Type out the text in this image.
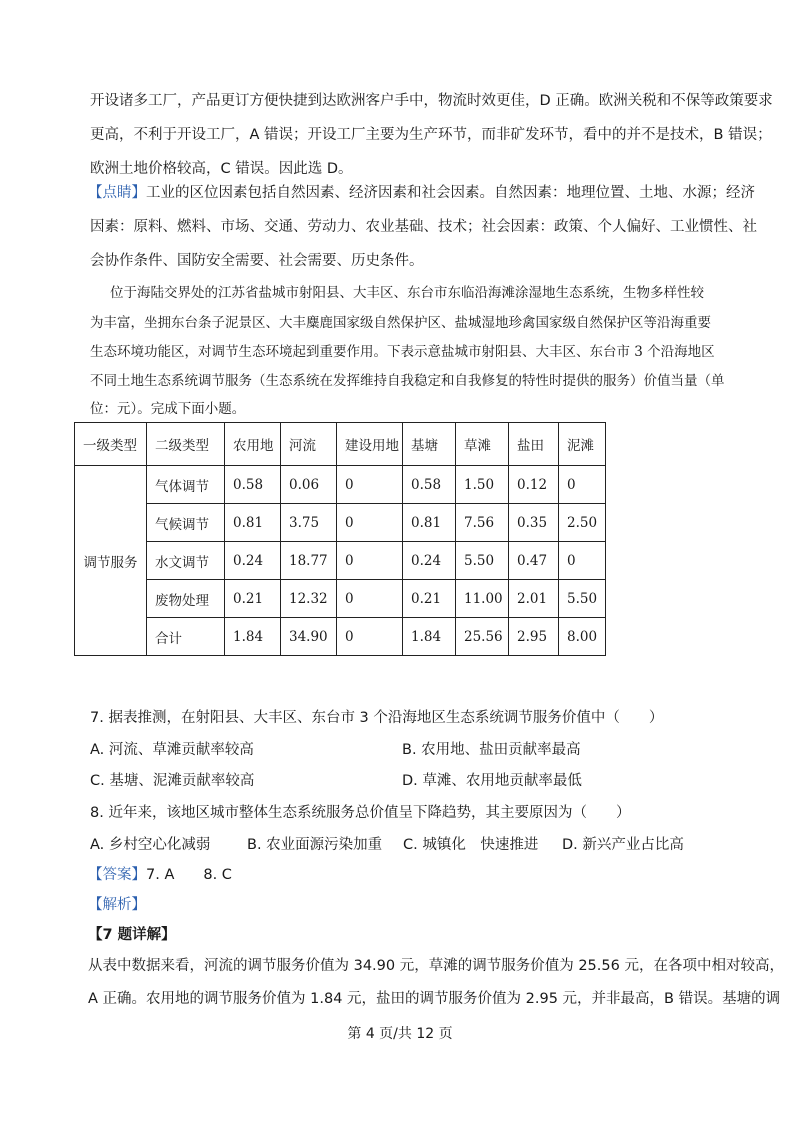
开设诸多工厂，产品更订方便快捷到达欧洲客户手中，物流时效更佳，D 正确。欧洲关税和不保等政策要求
更高，不利于开设工厂，A 错误；开设工厂主要为生产环节，而非矿发环节，看中的并不是技术，B 错误；
欧洲土地价格较高，C 错误。因此选 D。
【点睛】工业的区位因素包括自然因素、经济因素和社会因素。自然因素：地理位置、土地、水源；经济
因素：原料、燃料、市场、交通、劳动力、农业基础、技术；社会因素：政策、个人偏好、工业惯性、社
会协作条件、国防安全需要、社会需要、历史条件。
位于海陆交界处的江苏省盐城市射阳县、大丰区、东台市东临沿海滩涂湿地生态系统，生物多样性较
为丰富，坐拥东台条子泥景区、大丰麋鹿国家级自然保护区、盐城湿地珍禽国家级自然保护区等沿海重要
生态环境功能区，对调节生态环境起到重要作用。下表示意盐城市射阳县、大丰区、东台市 3 个沿海地区
不同土地生态系统调节服务（生态系统在发挥维持自我稳定和自我修复的特性时提供的服务）价值当量（单
位：元）。完成下面小题。
一级类型	二级类型	农用地	河流	建设用地	基塘	草滩	盐田	泥滩
调节服务	气体调节	0.58	0.06	0	0.58	1.50	0.12	0
	气候调节	0.81	3.75	0	0.81	7.56	0.35	2.50
	水文调节	0.24	18.77	0	0.24	5.50	0.47	0
	废物处理	0.21	12.32	0	0.21	11.00	2.01	5.50
	合计	1.84	34.90	0	1.84	25.56	2.95	8.00
7. 据表推测，在射阳县、大丰区、东台市 3 个沿海地区生态系统调节服务价值中（　　）
A. 河流、草滩贡献率较高	B. 农用地、盐田贡献率最高
C. 基塘、泥滩贡献率较高	D. 草滩、农用地贡献率最低
8. 近年来，该地区城市整体生态系统服务总价值呈下降趋势，其主要原因为（　　）
A. 乡村空心化减弱	B. 农业面源污染加重	C. 城镇化　快速推进	D. 新兴产业占比高
【答案】7. A　　8. C
【解析】
【7 题详解】
从表中数据来看，河流的调节服务价值为 34.90 元，草滩的调节服务价值为 25.56 元，在各项中相对较高，
A 正确。农用地的调节服务价值为 1.84 元，盐田的调节服务价值为 2.95 元，并非最高，B 错误。基塘的调
第 4 页/共 12 页
